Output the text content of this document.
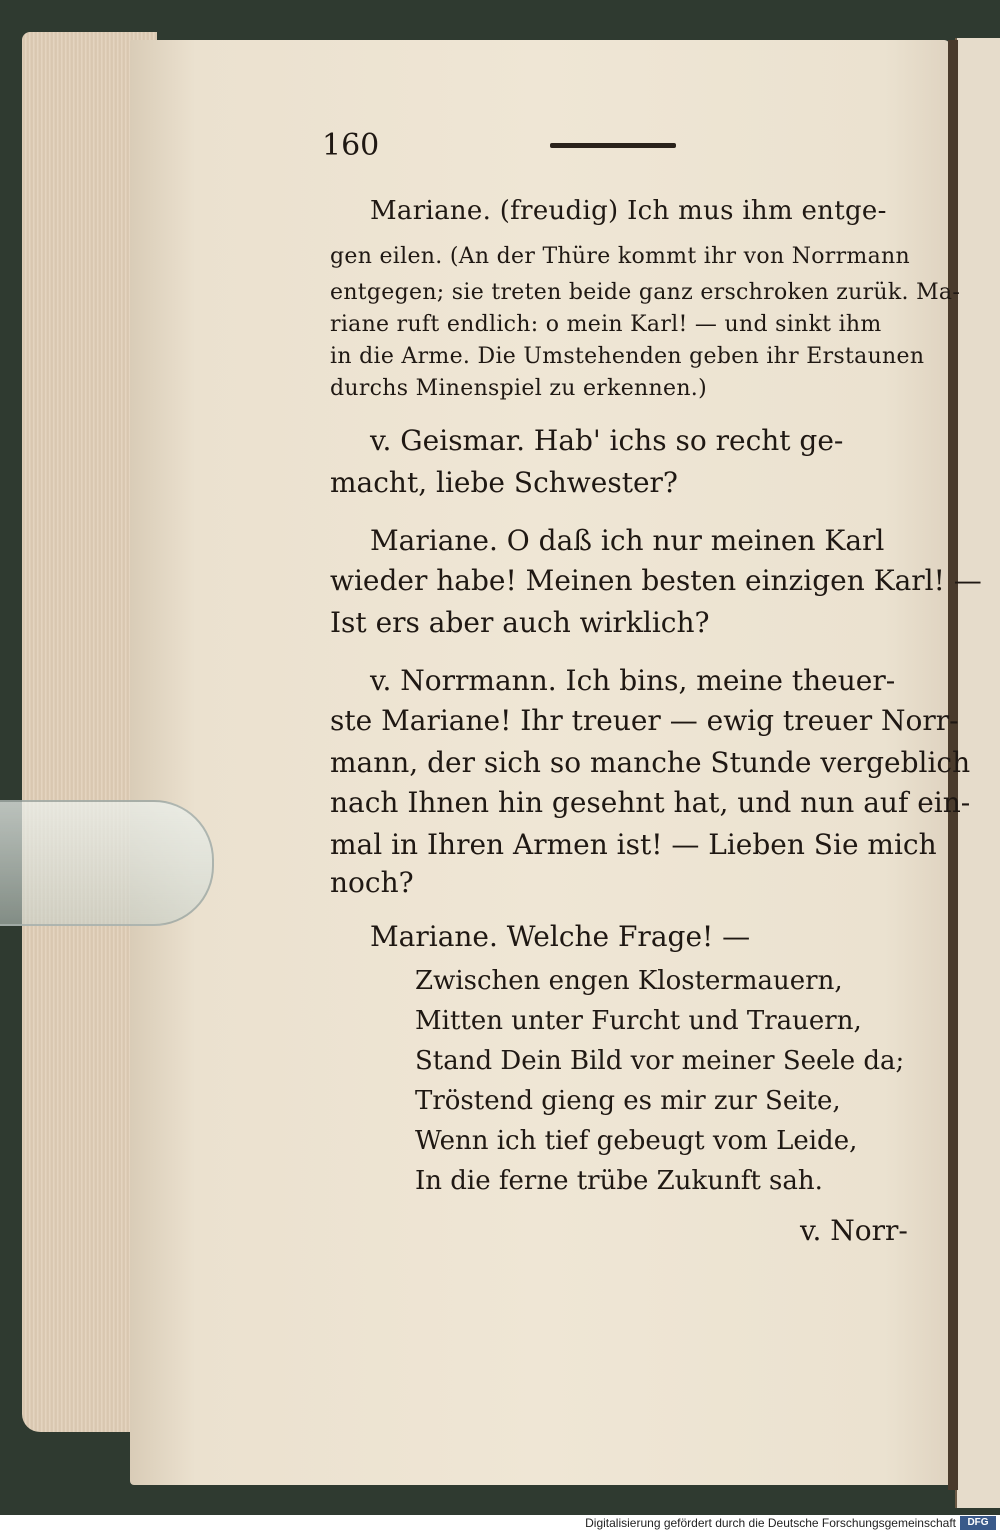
160
Mariane. (freudig) Ich mus ihm entge-
gen eilen. (An der Thüre kommt ihr von Norrmann
entgegen; sie treten beide ganz erschroken zurük. Ma-
riane ruft endlich: o mein Karl! — und sinkt ihm
in die Arme. Die Umstehenden geben ihr Erstaunen
durchs Minenspiel zu erkennen.)
v. Geismar. Hab' ichs so recht ge-
macht, liebe Schwester?
Mariane. O daß ich nur meinen Karl
wieder habe! Meinen besten einzigen Karl! —
Ist ers aber auch wirklich?
v. Norrmann. Ich bins, meine theuer-
ste Mariane! Ihr treuer — ewig treuer Norr-
mann, der sich so manche Stunde vergeblich
nach Ihnen hin gesehnt hat, und nun auf ein-
mal in Ihren Armen ist! — Lieben Sie mich
noch?
Mariane. Welche Frage! —
Zwischen engen Klostermauern,
Mitten unter Furcht und Trauern,
Stand Dein Bild vor meiner Seele da;
Tröstend gieng es mir zur Seite,
Wenn ich tief gebeugt vom Leide,
In die ferne trübe Zukunft sah.
v. Norr-
Digitalisierung gefördert durch die Deutsche Forschungsgemeinschaft	DFG
